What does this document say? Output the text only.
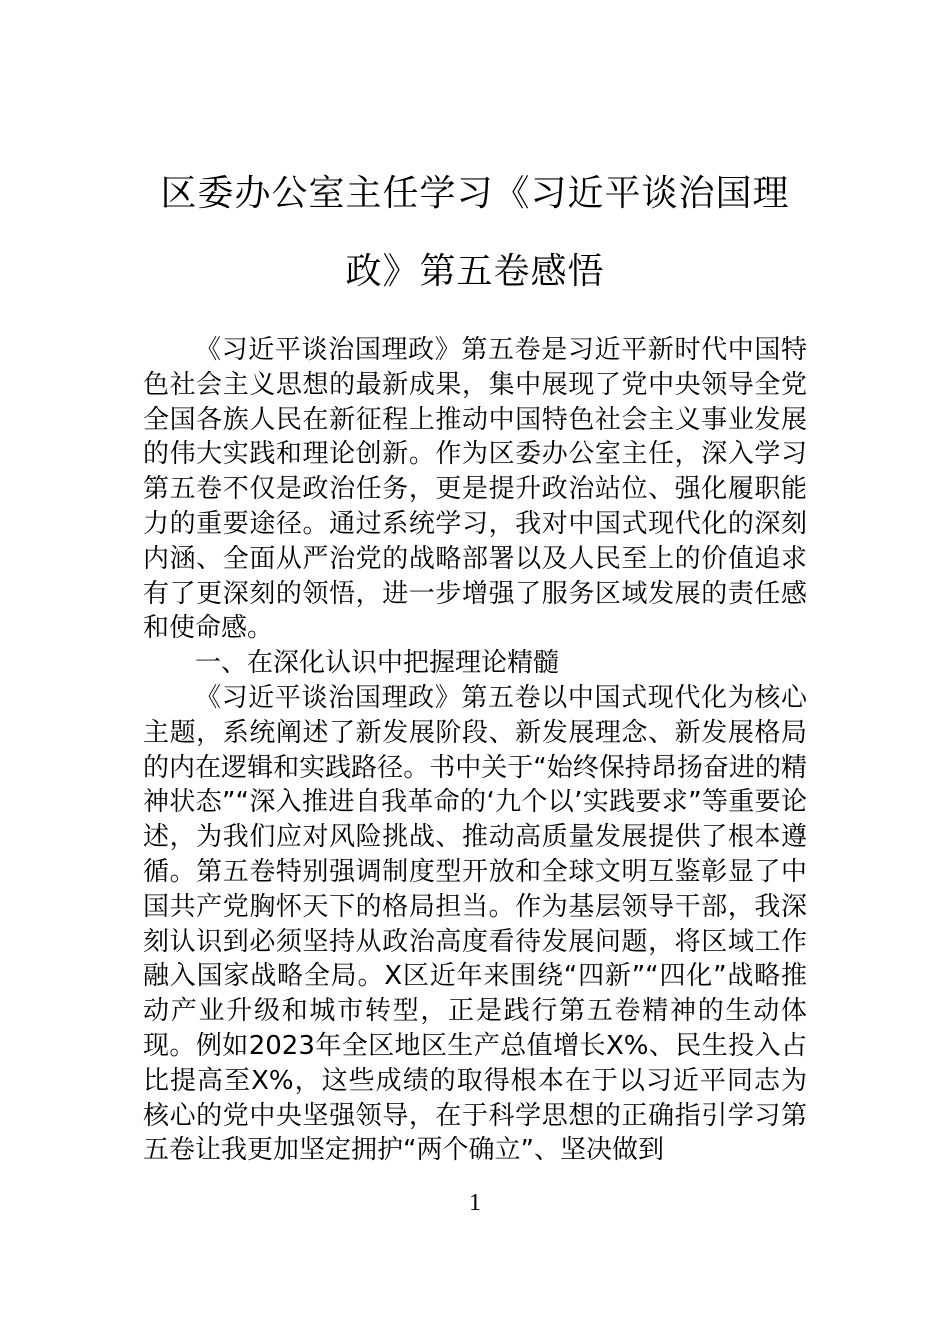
区委办公室主任学习《习近平谈治国理政》第五卷感悟

《习近平谈治国理政》第五卷是习近平新时代中国特色社会主义思想的最新成果，集中展现了党中央领导全党全国各族人民在新征程上推动中国特色社会主义事业发展的伟大实践和理论创新。作为区委办公室主任，深入学习第五卷不仅是政治任务，更是提升政治站位、强化履职能力的重要途径。通过系统学习，我对中国式现代化的深刻内涵、全面从严治党的战略部署以及人民至上的价值追求有了更深刻的领悟，进一步增强了服务区域发展的责任感和使命感。

一、在深化认识中把握理论精髓

《习近平谈治国理政》第五卷以中国式现代化为核心主题，系统阐述了新发展阶段、新发展理念、新发展格局的内在逻辑和实践路径。书中关于“始终保持昂扬奋进的精神状态”“深入推进自我革命的‘九个以’实践要求”等重要论述，为我们应对风险挑战、推动高质量发展提供了根本遵循。第五卷特别强调制度型开放和全球文明互鉴彰显了中国共产党胸怀天下的格局担当。作为基层领导干部，我深刻认识到必须坚持从政治高度看待发展问题，将区域工作融入国家战略全局。X区近年来围绕“四新”“四化”战略推动产业升级和城市转型，正是践行第五卷精神的生动体现。例如2023年全区地区生产总值增长X%、民生投入占比提高至X%，这些成绩的取得根本在于以习近平同志为核心的党中央坚强领导，在于科学思想的正确指引学习第五卷让我更加坚定拥护“两个确立”、坚决做到

1
